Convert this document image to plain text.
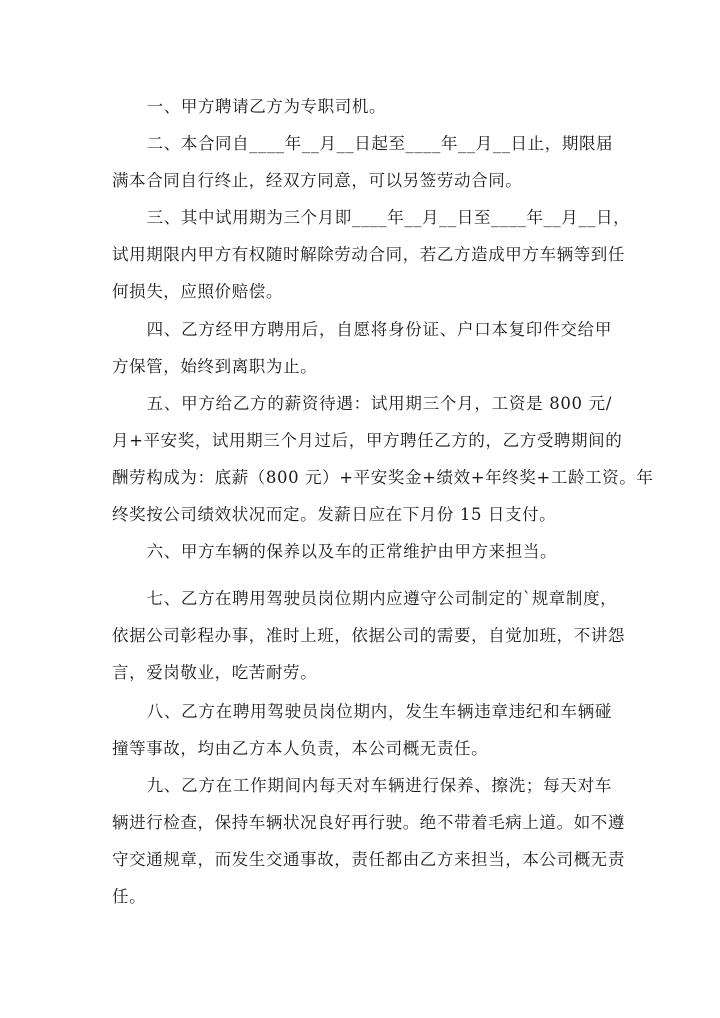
一、甲方聘请乙方为专职司机。
二、本合同自____年__月__日起至____年__月__日止，期限届
满本合同自行终止，经双方同意，可以另签劳动合同。
三、其中试用期为三个月即____年__月__日至____年__月__日，
试用期限内甲方有权随时解除劳动合同，若乙方造成甲方车辆等到任
何损失，应照价赔偿。
四、乙方经甲方聘用后，自愿将身份证、户口本复印件交给甲
方保管，始终到离职为止。
五、甲方给乙方的薪资待遇：试用期三个月，工资是 800 元/
月+平安奖，试用期三个月过后，甲方聘任乙方的，乙方受聘期间的
酬劳构成为：底薪（800 元）+平安奖金+绩效+年终奖+工龄工资。年
终奖按公司绩效状况而定。发薪日应在下月份 15 日支付。
六、甲方车辆的保养以及车的正常维护由甲方来担当。
七、乙方在聘用驾驶员岗位期内应遵守公司制定的`规章制度，
依据公司彰程办事，准时上班，依据公司的需要，自觉加班，不讲怨
言，爱岗敬业，吃苦耐劳。
八、乙方在聘用驾驶员岗位期内，发生车辆违章违纪和车辆碰
撞等事故，均由乙方本人负责，本公司概无责任。
九、乙方在工作期间内每天对车辆进行保养、擦洗；每天对车
辆进行检查，保持车辆状况良好再行驶。绝不带着毛病上道。如不遵
守交通规章，而发生交通事故，责任都由乙方来担当，本公司概无责
任。
